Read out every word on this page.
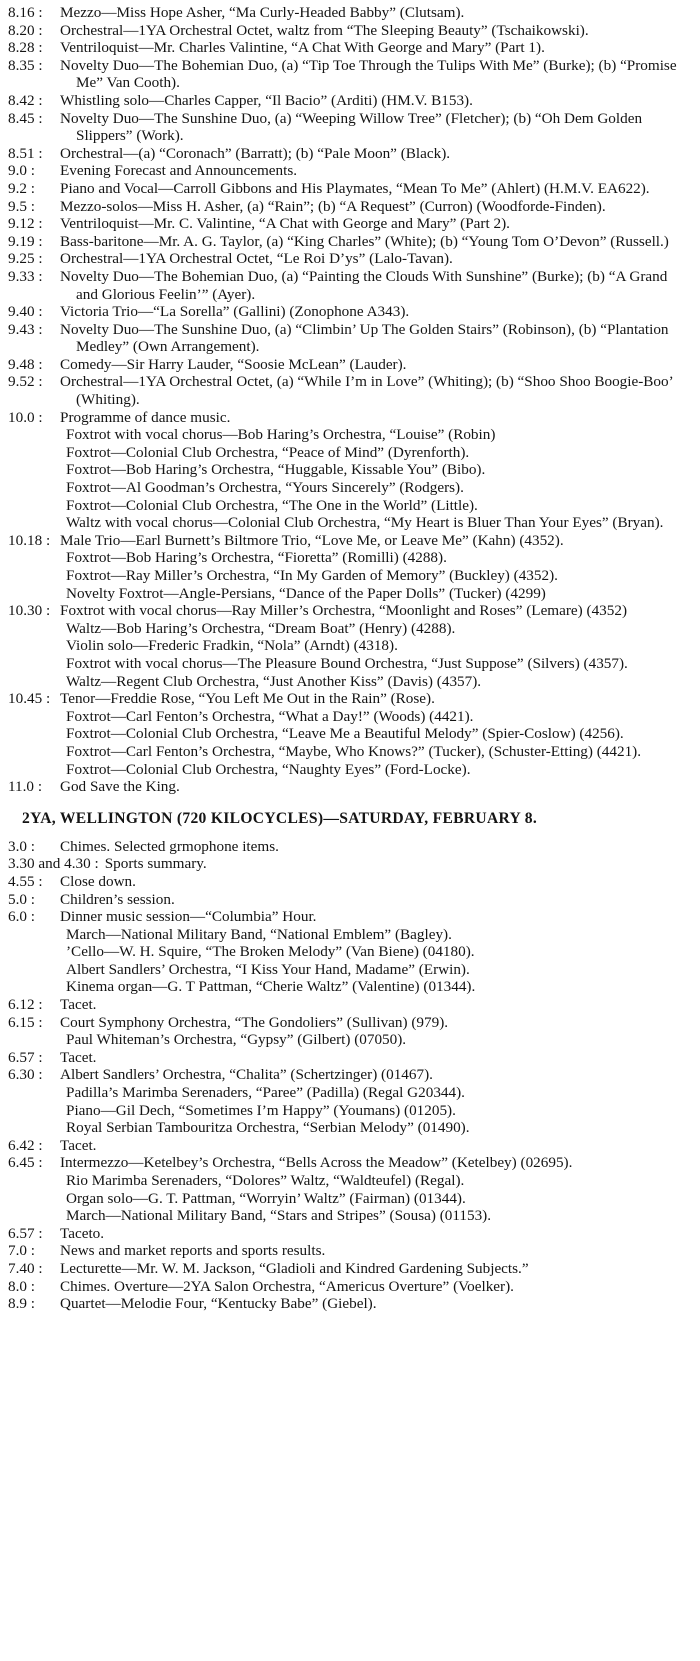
8.16 :	Mezzo—Miss Hope Asher, “Ma Curly-Headed Babby” (Clutsam).
8.20 :	Orchestral—1YA Orchestral Octet, waltz from “The Sleeping Beauty” (Tschaikowski).
8.28 :	Ventriloquist—Mr. Charles Valintine, “A Chat With George and Mary” (Part 1).
8.35 :	Novelty Duo—The Bohemian Duo, (a) “Tip Toe Through the Tulips With Me” (Burke); (b) “Promise Me” Van Cooth).
8.42 :	Whistling solo—Charles Capper, “Il Bacio” (Arditi) (HM.V. B153).
8.45 :	Novelty Duo—The Sunshine Duo, (a) “Weeping Willow Tree” (Fletcher); (b) “Oh Dem Golden Slippers” (Work).
8.51 :	Orchestral—(a) “Coronach” (Barratt); (b) “Pale Moon” (Black).
9.0 :	Evening Forecast and Announcements.
9.2 :	Piano and Vocal—Carroll Gibbons and His Playmates, “Mean To Me” (Ahlert) (H.M.V. EA622).
9.5 :	Mezzo-solos—Miss H. Asher, (a) “Rain”; (b) “A Request” (Curron) (Woodforde-Finden).
9.12 :	Ventriloquist—Mr. C. Valintine, “A Chat with George and Mary” (Part 2).
9.19 :	Bass-baritone—Mr. A. G. Taylor, (a) “King Charles” (White); (b) “Young Tom O’Devon” (Russell.)
9.25 :	Orchestral—1YA Orchestral Octet, “Le Roi D’ys” (Lalo-Tavan).
9.33 :	Novelty Duo—The Bohemian Duo, (a) “Painting the Clouds With Sunshine” (Burke); (b) “A Grand and Glorious Feelin’” (Ayer).
9.40 :	Victoria Trio—“La Sorella” (Gallini) (Zonophone A343).
9.43 :	Novelty Duo—The Sunshine Duo, (a) “Climbin’ Up The Golden Stairs” (Robinson), (b) “Plantation Medley” (Own Arrangement).
9.48 :	Comedy—Sir Harry Lauder, “Soosie McLean” (Lauder).
9.52 :	Orchestral—1YA Orchestral Octet, (a) “While I’m in Love” (Whiting); (b) “Shoo Shoo Boogie-Boo’ (Whiting).
10.0 :	Programme of dance music.
Foxtrot with vocal chorus—Bob Haring’s Orchestra, “Louise” (Robin)
Foxtrot—Colonial Club Orchestra, “Peace of Mind” (Dyrenforth).
Foxtrot—Bob Haring’s Orchestra, “Huggable, Kissable You” (Bibo).
Foxtrot—Al Goodman’s Orchestra, “Yours Sincerely” (Rodgers).
Foxtrot—Colonial Club Orchestra, “The One in the World” (Little).
Waltz with vocal chorus—Colonial Club Orchestra, “My Heart is Bluer Than Your Eyes” (Bryan).
10.18 :	Male Trio—Earl Burnett’s Biltmore Trio, “Love Me, or Leave Me” (Kahn) (4352).
Foxtrot—Bob Haring’s Orchestra, “Fioretta” (Romilli) (4288).
Foxtrot—Ray Miller’s Orchestra, “In My Garden of Memory” (Buckley) (4352).
Novelty Foxtrot—Angle-Persians, “Dance of the Paper Dolls” (Tucker) (4299)
10.30 :	Foxtrot with vocal chorus—Ray Miller’s Orchestra, “Moonlight and Roses” (Lemare) (4352)
Waltz—Bob Haring’s Orchestra, “Dream Boat” (Henry) (4288).
Violin solo—Frederic Fradkin, “Nola” (Arndt) (4318).
Foxtrot with vocal chorus—The Pleasure Bound Orchestra, “Just Suppose” (Silvers) (4357).
Waltz—Regent Club Orchestra, “Just Another Kiss” (Davis) (4357).
10.45 :	Tenor—Freddie Rose, “You Left Me Out in the Rain” (Rose).
Foxtrot—Carl Fenton’s Orchestra, “What a Day!” (Woods) (4421).
Foxtrot—Colonial Club Orchestra, “Leave Me a Beautiful Melody” (Spier-Coslow) (4256).
Foxtrot—Carl Fenton’s Orchestra, “Maybe, Who Knows?” (Tucker), (Schuster-Etting) (4421).
Foxtrot—Colonial Club Orchestra, “Naughty Eyes” (Ford-Locke).
11.0 :	God Save the King.
2YA, WELLINGTON (720 KILOCYCLES)—SATURDAY, FEBRUARY 8.
3.0 :	Chimes. Selected grmophone items.
3.30 and 4.30 : Sports summary.
4.55 :	Close down.
5.0 :	Children’s session.
6.0 :	Dinner music session—“Columbia” Hour.
March—National Military Band, “National Emblem” (Bagley).
’Cello—W. H. Squire, “The Broken Melody” (Van Biene) (04180).
Albert Sandlers’ Orchestra, “I Kiss Your Hand, Madame” (Erwin).
Kinema organ—G. T Pattman, “Cherie Waltz” (Valentine) (01344).
6.12 :	Tacet.
6.15 :	Court Symphony Orchestra, “The Gondoliers” (Sullivan) (979).
Paul Whiteman’s Orchestra, “Gypsy” (Gilbert) (07050).
6.57 :	Tacet.
6.30 :	Albert Sandlers’ Orchestra, “Chalita” (Schertzinger) (01467).
Padilla’s Marimba Serenaders, “Paree” (Padilla) (Regal G20344).
Piano—Gil Dech, “Sometimes I’m Happy” (Youmans) (01205).
Royal Serbian Tambouritza Orchestra, “Serbian Melody” (01490).
6.42 :	Tacet.
6.45 :	Intermezzo—Ketelbey’s Orchestra, “Bells Across the Meadow” (Ketelbey) (02695).
Rio Marimba Serenaders, “Dolores” Waltz, “Waldteufel) (Regal).
Organ solo—G. T. Pattman, “Worryin’ Waltz” (Fairman) (01344).
March—National Military Band, “Stars and Stripes” (Sousa) (01153).
6.57 :	Taceto.
7.0 :	News and market reports and sports results.
7.40 :	Lecturette—Mr. W. M. Jackson, “Gladioli and Kindred Gardening Subjects.”
8.0 :	Chimes. Overture—2YA Salon Orchestra, “Americus Overture” (Voelker).
8.9 :	Quartet—Melodie Four, “Kentucky Babe” (Giebel).
